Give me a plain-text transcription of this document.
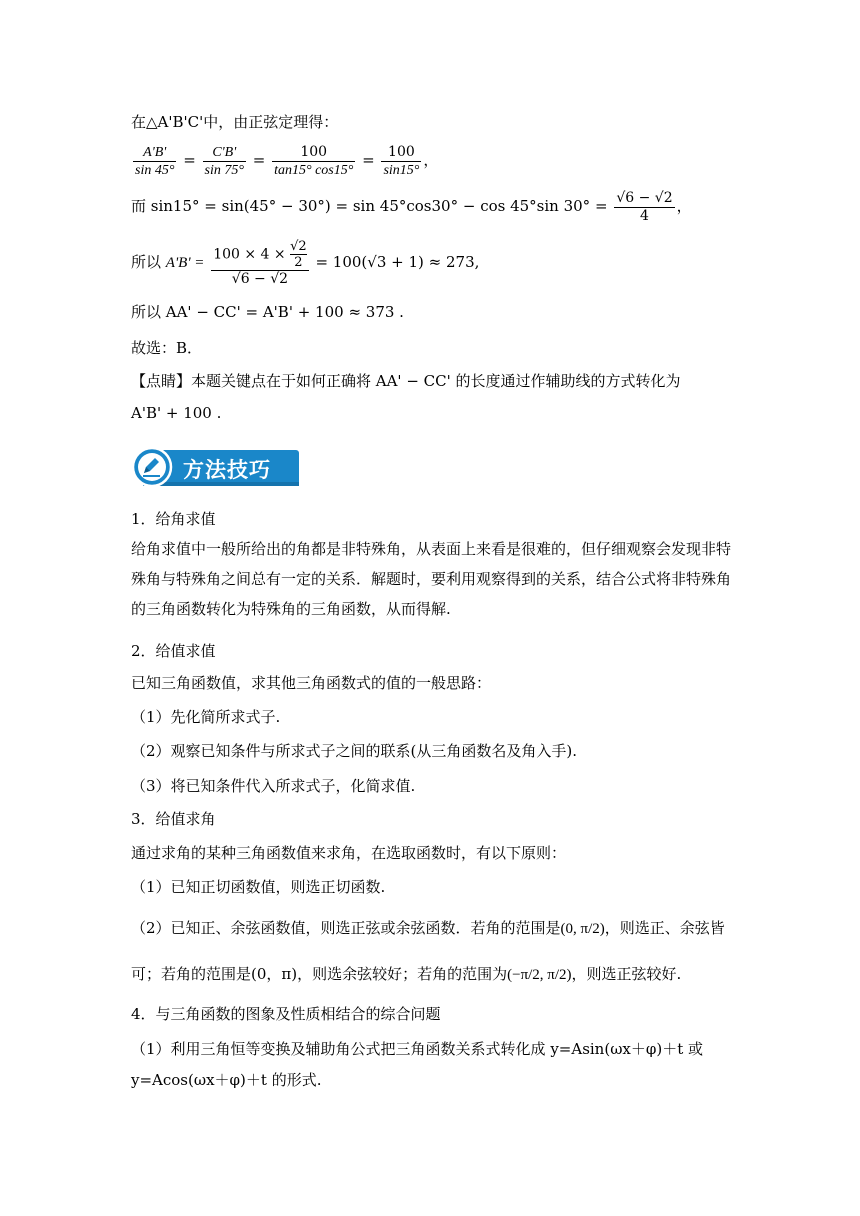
在△A'B'C'中，由正弦定理得：
$\frac{A'B'}{\sin 45^\circ} = \frac{C'B'}{\sin 75^\circ} = \frac{100}{\tan 15^\circ \cos 15^\circ} = \frac{100}{\sin 15^\circ}$ ，
而 sin15° = sin(45° − 30°) = sin 45°cos30° − cos 45°sin $30^\circ = \frac{√6 - √2}{4}$ ，
所以 $A'B' = \frac{100 \times 4 \times \frac{√2}{2}}{√6 - √2} = 100(√3 + 1) \approx 273$,
所以 AA' − CC' = A'B' + 100 ≈ 373 .
故选：B．
【点睛】本题关键点在于如何正确将 AA' − CC' 的长度通过作辅助线的方式转化为
A'B' + 100 .
方法技巧
1．给角求值
给角求值中一般所给出的角都是非特殊角，从表面上来看是很难的，但仔细观察会发现非特殊角与特殊角之间总有一定的关系．解题时，要利用观察得到的关系，结合公式将非特殊角的三角函数转化为特殊角的三角函数，从而得解.
2．给值求值
已知三角函数值，求其他三角函数式的值的一般思路：
（1）先化简所求式子.
（2）观察已知条件与所求式子之间的联系(从三角函数名及角入手).
（3）将已知条件代入所求式子，化简求值.
3．给值求角
通过求角的某种三角函数值来求角，在选取函数时，有以下原则：
（1）已知正切函数值，则选正切函数.
（2）已知正、余弦函数值，则选正弦或余弦函数．若角的范围是(0, π/2)，则选正、余弦皆
可；若角的范围是(0，π)，则选余弦较好；若角的范围为(−π/2, π/2)，则选正弦较好.
4．与三角函数的图象及性质相结合的综合问题
（1）利用三角恒等变换及辅助角公式把三角函数关系式转化成 y=Asin(ωx＋φ)＋t 或
y=Acos(ωx＋φ)＋t 的形式.
